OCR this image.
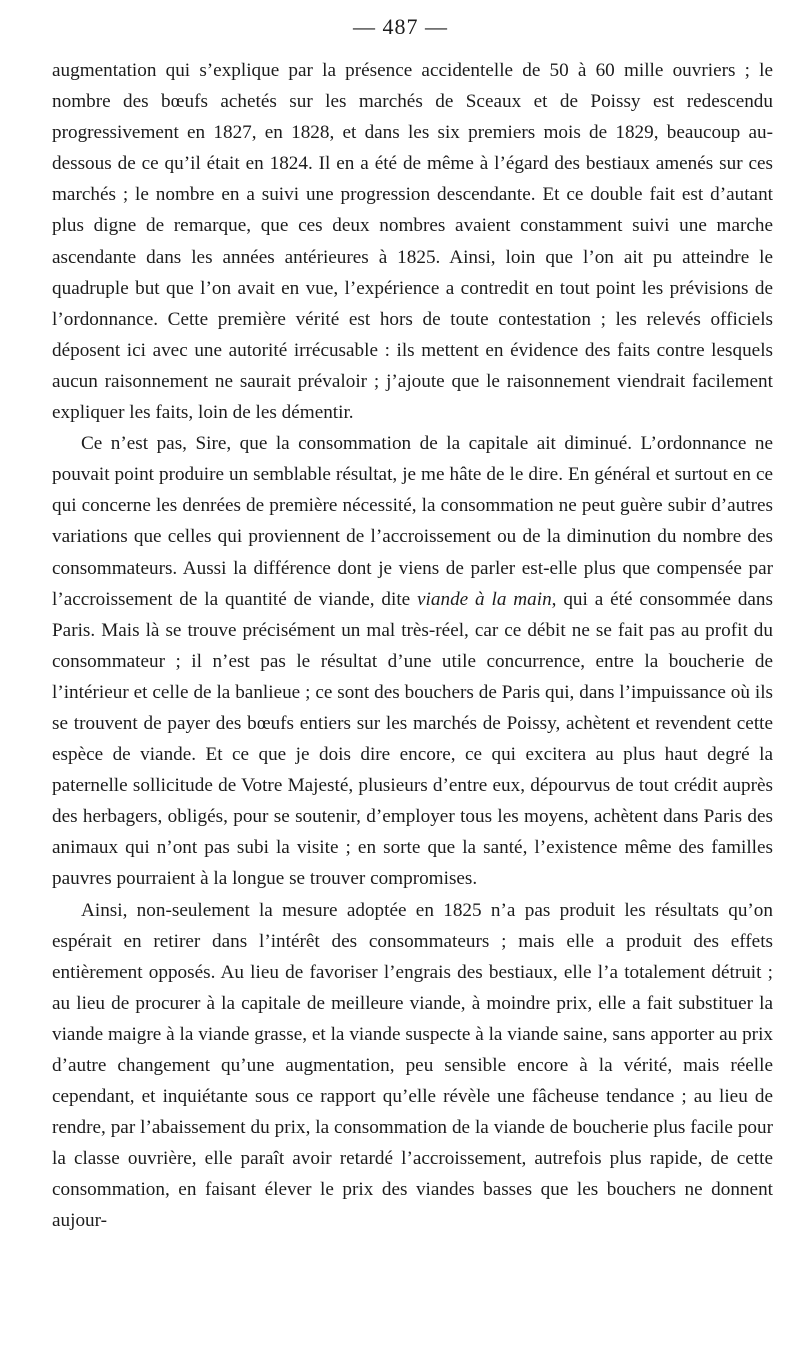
— 487 —

augmentation qui s’explique par la présence accidentelle de 50 à 60 mille ouvriers ; le nombre des bœufs achetés sur les marchés de Sceaux et de Poissy est redescendu progressivement en 1827, en 1828, et dans les six premiers mois de 1829, beaucoup au-dessous de ce qu’il était en 1824. Il en a été de même à l’égard des bestiaux amenés sur ces marchés ; le nombre en a suivi une progression descendante. Et ce double fait est d’autant plus digne de remarque, que ces deux nombres avaient constamment suivi une marche ascendante dans les années antérieures à 1825. Ainsi, loin que l’on ait pu atteindre le quadruple but que l’on avait en vue, l’expérience a contredit en tout point les prévisions de l’ordonnance. Cette première vérité est hors de toute contestation ; les relevés officiels déposent ici avec une autorité irrécusable : ils mettent en évidence des faits contre lesquels aucun raisonnement ne saurait prévaloir ; j’ajoute que le raisonnement viendrait facilement expliquer les faits, loin de les démentir.

Ce n’est pas, Sire, que la consommation de la capitale ait diminué. L’ordonnance ne pouvait point produire un semblable résultat, je me hâte de le dire. En général et surtout en ce qui concerne les denrées de première nécessité, la consommation ne peut guère subir d’autres variations que celles qui proviennent de l’accroissement ou de la diminution du nombre des consommateurs. Aussi la différence dont je viens de parler est-elle plus que compensée par l’accroissement de la quantité de viande, dite viande à la main, qui a été consommée dans Paris. Mais là se trouve précisément un mal très-réel, car ce débit ne se fait pas au profit du consommateur ; il n’est pas le résultat d’une utile concurrence, entre la boucherie de l’intérieur et celle de la banlieue ; ce sont des bouchers de Paris qui, dans l’impuissance où ils se trouvent de payer des bœufs entiers sur les marchés de Poissy, achètent et revendent cette espèce de viande. Et ce que je dois dire encore, ce qui excitera au plus haut degré la paternelle sollicitude de Votre Majesté, plusieurs d’entre eux, dépourvus de tout crédit auprès des herbagers, obligés, pour se soutenir, d’employer tous les moyens, achètent dans Paris des animaux qui n’ont pas subi la visite ; en sorte que la santé, l’existence même des familles pauvres pourraient à la longue se trouver compromises.

Ainsi, non-seulement la mesure adoptée en 1825 n’a pas produit les résultats qu’on espérait en retirer dans l’intérêt des consommateurs ; mais elle a produit des effets entièrement opposés. Au lieu de favoriser l’engrais des bestiaux, elle l’a totalement détruit ; au lieu de procurer à la capitale de meilleure viande, à moindre prix, elle a fait substituer la viande maigre à la viande grasse, et la viande suspecte à la viande saine, sans apporter au prix d’autre changement qu’une augmentation, peu sensible encore à la vérité, mais réelle cependant, et inquiétante sous ce rapport qu’elle révèle une fâcheuse tendance ; au lieu de rendre, par l’abaissement du prix, la consommation de la viande de boucherie plus facile pour la classe ouvrière, elle paraît avoir retardé l’accroissement, autrefois plus rapide, de cette consommation, en faisant élever le prix des viandes basses que les bouchers ne donnent aujour-
